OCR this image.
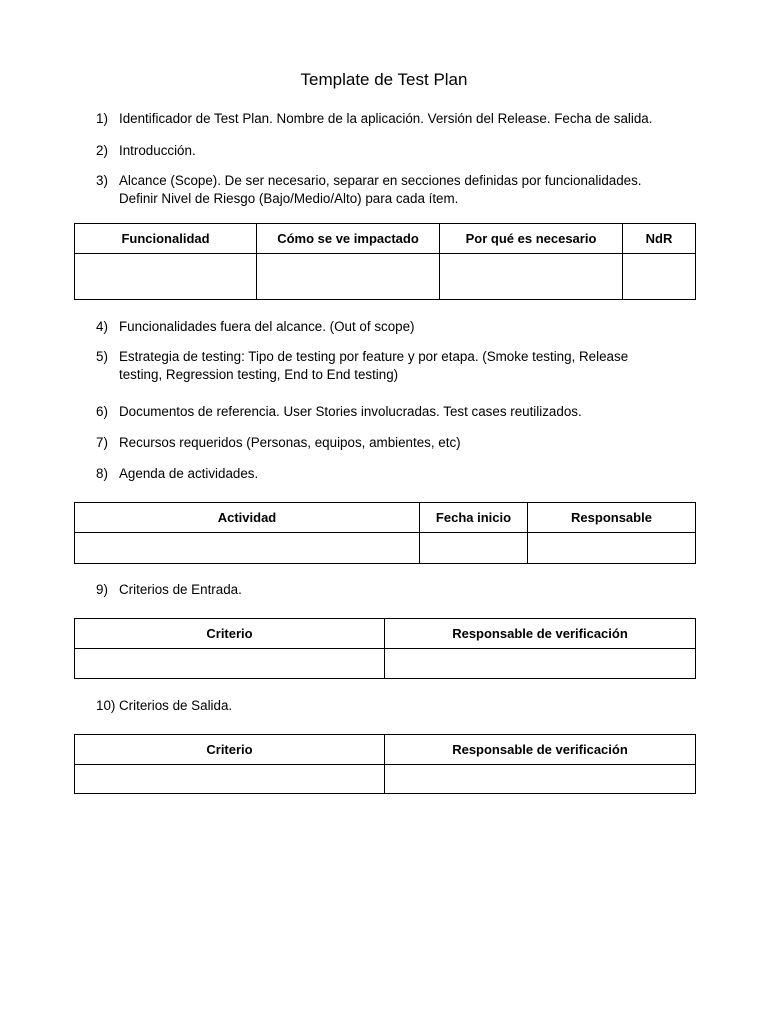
Template de Test Plan
1) Identificador de Test Plan. Nombre de la aplicación. Versión del Release. Fecha de salida.
2) Introducción.
3) Alcance (Scope). De ser necesario, separar en secciones definidas por funcionalidades.
Definir Nivel de Riesgo (Bajo/Medio/Alto) para cada ítem.
Funcionalidad	Cómo se ve impactado	Por qué es necesario	NdR

4) Funcionalidades fuera del alcance. (Out of scope)
5) Estrategia de testing: Tipo de testing por feature y por etapa. (Smoke testing, Release
testing, Regression testing, End to End testing)
6) Documentos de referencia. User Stories involucradas. Test cases reutilizados.
7) Recursos requeridos (Personas, equipos, ambientes, etc)
8) Agenda de actividades.
Actividad	Fecha inicio	Responsable

9) Criterios de Entrada.
Criterio	Responsable de verificación

10) Criterios de Salida.
Criterio	Responsable de verificación
